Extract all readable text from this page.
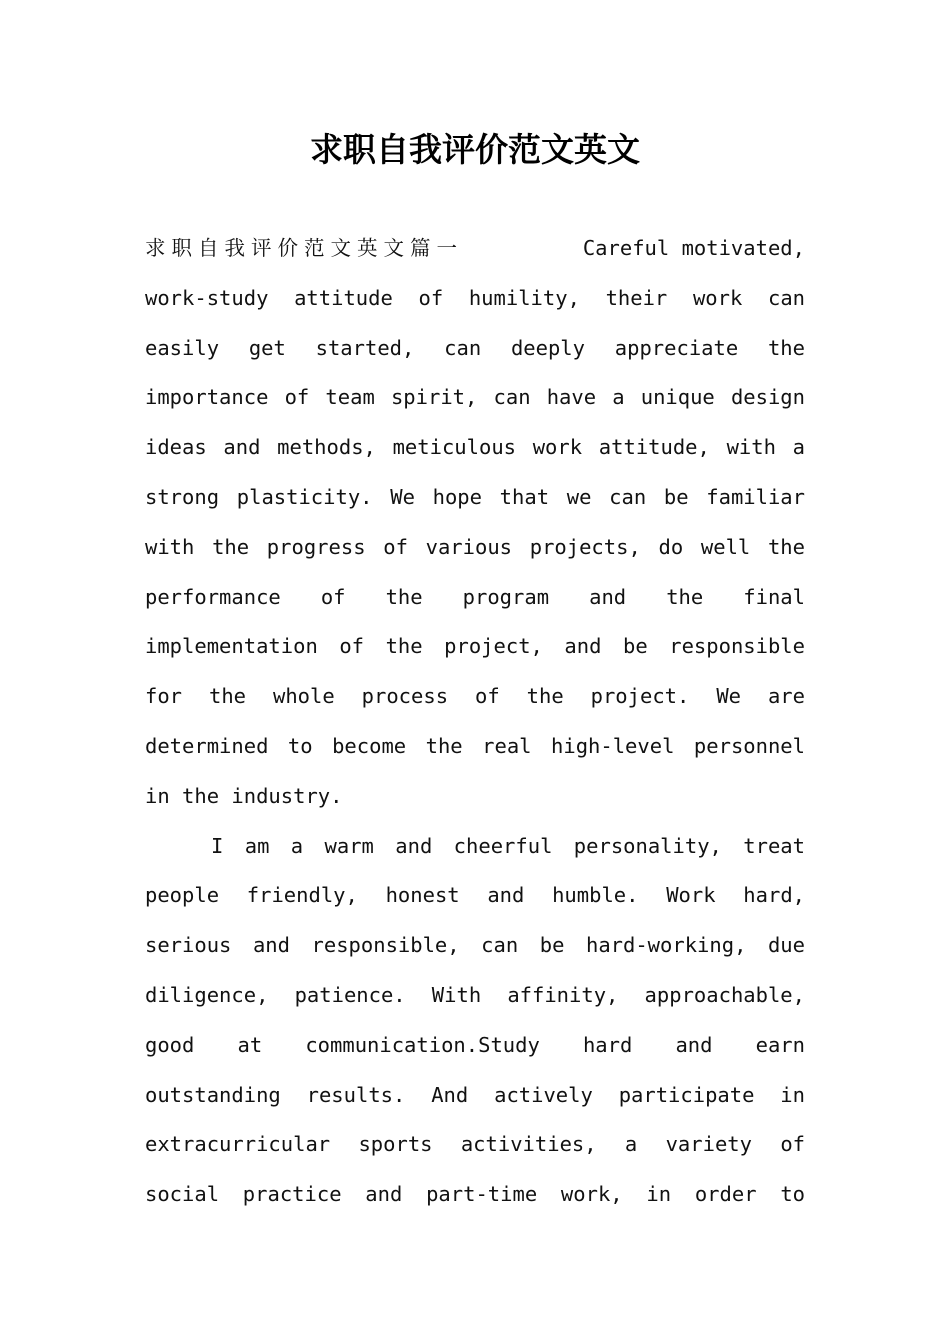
求职自我评价范文英文
求职自我评价范文英文篇一	Careful motivated,
work-study attitude of humility, their work can
easily get started, can deeply appreciate the
importance of team spirit, can have a unique design
ideas and methods, meticulous work attitude, with a
strong plasticity. We hope that we can be familiar
with the progress of various projects, do well the
performance of the program and the final
implementation of the project, and be responsible
for the whole process of the project. We are
determined to become the real high-level personnel
in the industry.
I am a warm and cheerful personality, treat
people friendly, honest and humble. Work hard,
serious and responsible, can be hard-working, due
diligence, patience. With affinity, approachable,
good at communication.Study hard and earn
outstanding results. And actively participate in
extracurricular sports activities, a variety of
social practice and part-time work, in order to
